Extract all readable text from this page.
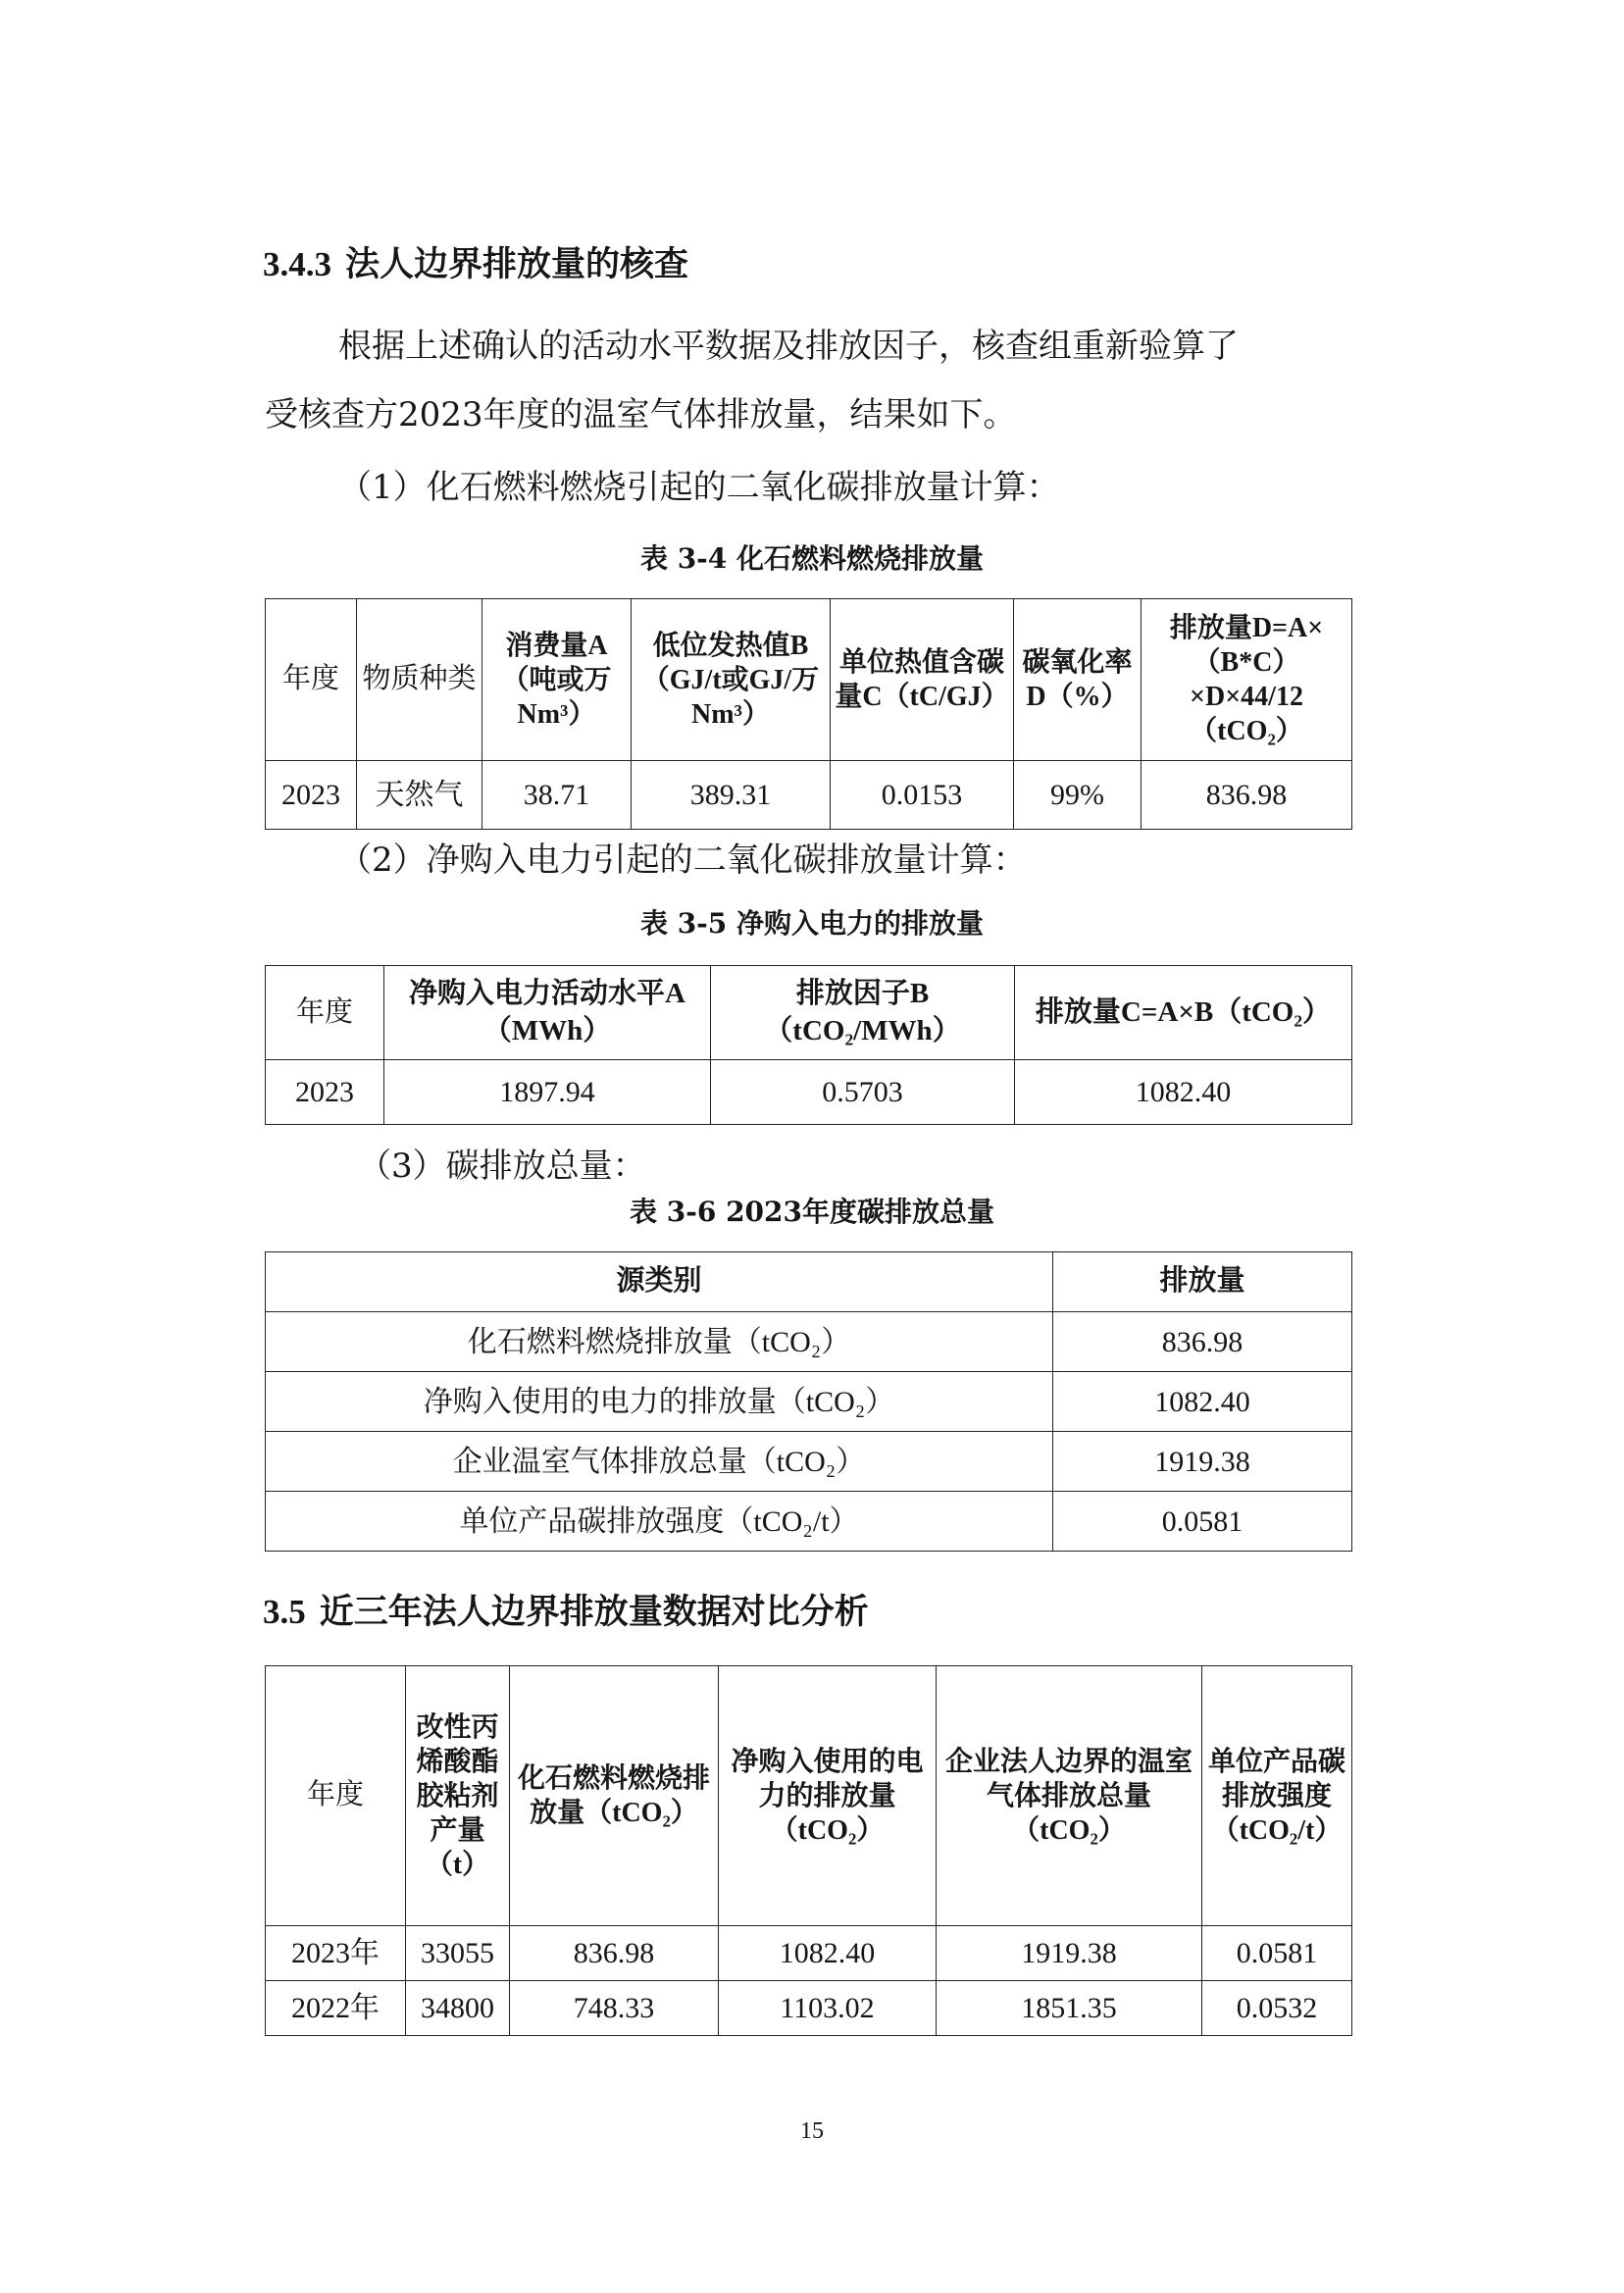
3.4.3 法人边界排放量的核查

根据上述确认的活动水平数据及排放因子，核查组重新验算了

受核查方2023年度的温室气体排放量，结果如下。

（1）化石燃料燃烧引起的二氧化碳排放量计算：

表 3-4 化石燃料燃烧排放量

年度	物质种类	消费量A（吨或万Nm³）	低位发热值B（GJ/t或GJ/万Nm³）	单位热值含碳量C（tC/GJ）	碳氧化率D（%）	排放量D=A×（B*C）×D×44/12（tCO₂）
2023	天然气	38.71	389.31	0.0153	99%	836.98

（2）净购入电力引起的二氧化碳排放量计算：

表 3-5 净购入电力的排放量

年度	净购入电力活动水平A（MWh）	排放因子B（tCO₂/MWh）	排放量C=A×B（tCO₂）
2023	1897.94	0.5703	1082.40

（3）碳排放总量：

表 3-6 2023年度碳排放总量

源类别	排放量
化石燃料燃烧排放量（tCO₂）	836.98
净购入使用的电力的排放量（tCO₂）	1082.40
企业温室气体排放总量（tCO₂）	1919.38
单位产品碳排放强度（tCO₂/t）	0.0581
3.5 近三年法人边界排放量数据对比分析
年度	改性丙烯酸酯胶粘剂产量（t）	化石燃料燃烧排放量（tCO₂）	净购入使用的电力的排放量（tCO₂）	企业法人边界的温室气体排放总量（tCO₂）	单位产品碳排放强度（tCO₂/t）
2023年	33055	836.98	1082.40	1919.38	0.0581
2022年	34800	748.33	1103.02	1851.35	0.0532

15
